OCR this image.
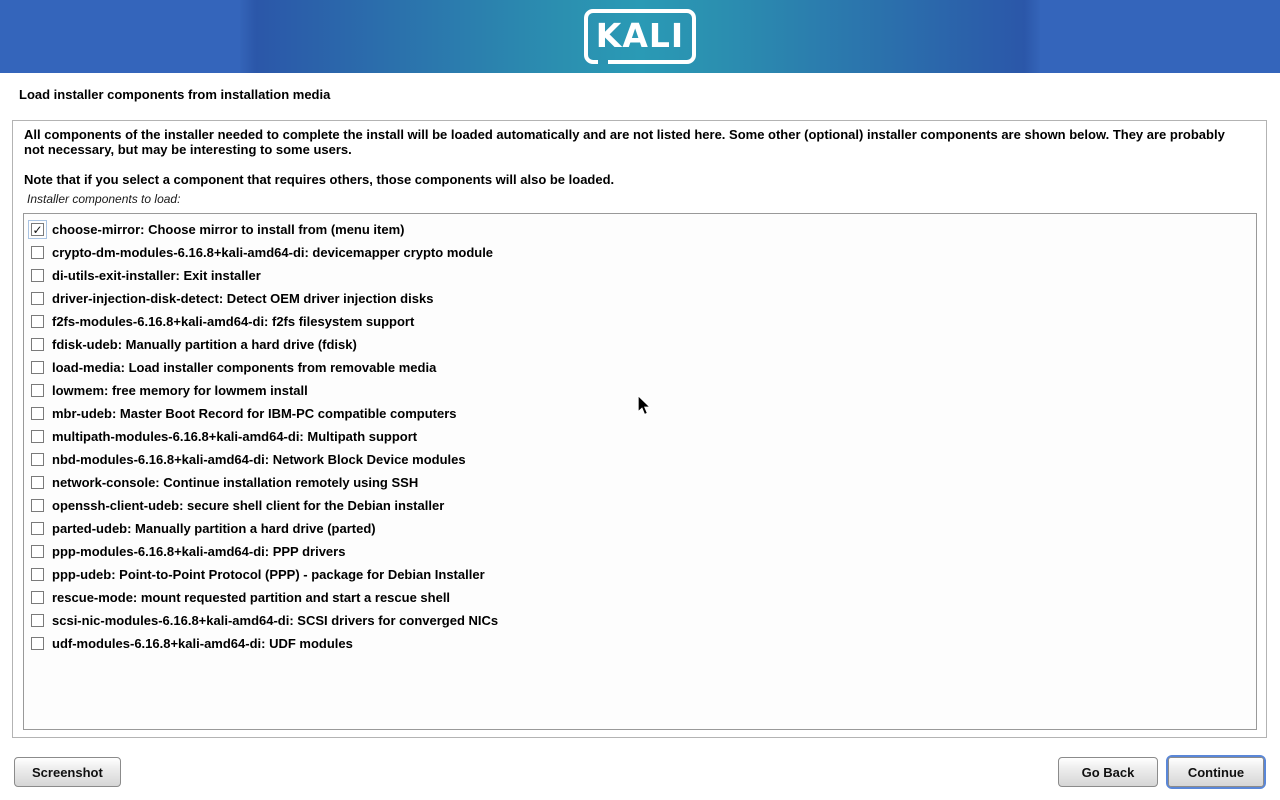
KALI
Load installer components from installation media
All components of the installer needed to complete the install will be loaded automatically and are not listed here. Some other (optional) installer components are shown below. They are probably not necessary, but may be interesting to some users.
Note that if you select a component that requires others, those components will also be loaded.
Installer components to load:
✓ choose-mirror: Choose mirror to install from (menu item)
crypto-dm-modules-6.16.8+kali-amd64-di: devicemapper crypto module
di-utils-exit-installer: Exit installer
driver-injection-disk-detect: Detect OEM driver injection disks
f2fs-modules-6.16.8+kali-amd64-di: f2fs filesystem support
fdisk-udeb: Manually partition a hard drive (fdisk)
load-media: Load installer components from removable media
lowmem: free memory for lowmem install
mbr-udeb: Master Boot Record for IBM-PC compatible computers
multipath-modules-6.16.8+kali-amd64-di: Multipath support
nbd-modules-6.16.8+kali-amd64-di: Network Block Device modules
network-console: Continue installation remotely using SSH
openssh-client-udeb: secure shell client for the Debian installer
parted-udeb: Manually partition a hard drive (parted)
ppp-modules-6.16.8+kali-amd64-di: PPP drivers
ppp-udeb: Point-to-Point Protocol (PPP) - package for Debian Installer
rescue-mode: mount requested partition and start a rescue shell
scsi-nic-modules-6.16.8+kali-amd64-di: SCSI drivers for converged NICs
udf-modules-6.16.8+kali-amd64-di: UDF modules
Screenshot	Go Back	Continue
